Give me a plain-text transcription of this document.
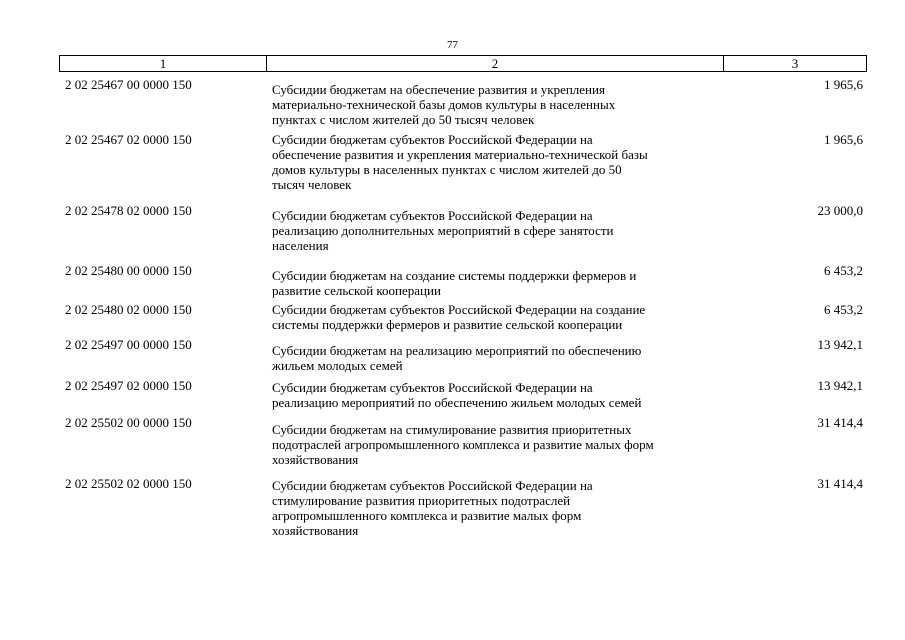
77
1	2	3
2 02 25467 00 0000 150	Субсидии бюджетам на обеспечение развития и укрепления
материально-технической базы домов культуры в населенных
пунктах с числом жителей до 50 тысяч человек
1 965,6
2 02 25467 02 0000 150	Субсидии бюджетам субъектов Российской Федерации на
обеспечение развития и укрепления материально-технической базы
домов культуры в населенных пунктах с числом жителей до 50
тысяч человек
1 965,6
2 02 25478 02 0000 150	Субсидии бюджетам субъектов Российской Федерации на
реализацию дополнительных мероприятий в сфере занятости
населения
23 000,0
2 02 25480 00 0000 150	Субсидии бюджетам на создание системы поддержки фермеров и
развитие сельской кооперации
6 453,2
2 02 25480 02 0000 150	Субсидии бюджетам субъектов Российской Федерации на создание
системы поддержки фермеров и развитие сельской кооперации
6 453,2
2 02 25497 00 0000 150	Субсидии бюджетам на реализацию мероприятий по обеспечению
жильем молодых семей
13 942,1
2 02 25497 02 0000 150	Субсидии бюджетам субъектов Российской Федерации на
реализацию мероприятий по обеспечению жильем молодых семей
13 942,1
2 02 25502 00 0000 150	Субсидии бюджетам на стимулирование развития приоритетных
подотраслей агропромышленного комплекса и развитие малых форм
хозяйствования
31 414,4
2 02 25502 02 0000 150	Субсидии бюджетам субъектов Российской Федерации на
стимулирование развития приоритетных подотраслей
агропромышленного комплекса и развитие малых форм
хозяйствования
31 414,4
